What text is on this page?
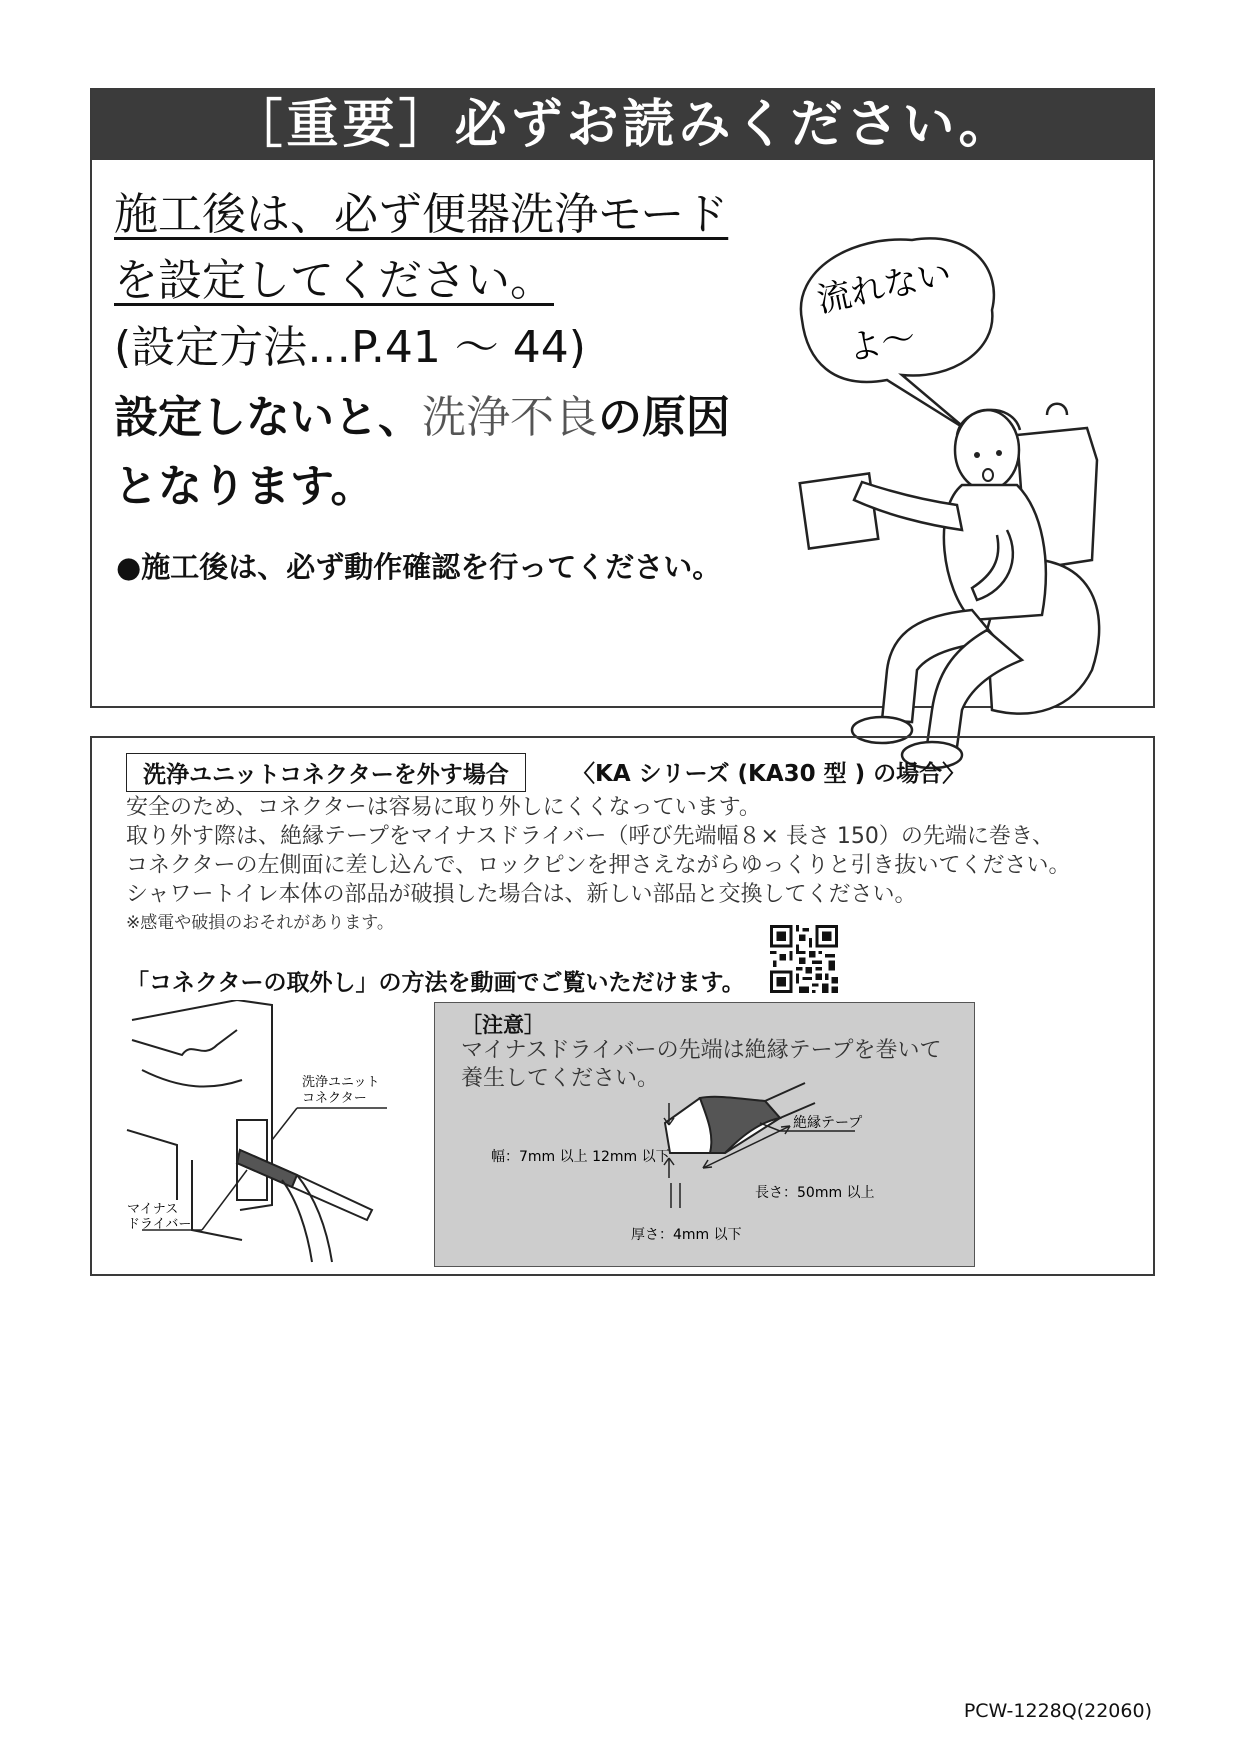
［重要］必ずお読みください。
施工後は、必ず便器洗浄モード
を設定してください。
(設定方法…P.41 ～ 44)
設定しないと、洗浄不良の原因
となります。
●施工後は、必ず動作確認を行ってください。
流れない
よ～
洗浄ユニットコネクターを外す場合	〈KA シリーズ (KA30 型 ) の場合〉
安全のため、コネクターは容易に取り外しにくくなっています。
取り外す際は、絶縁テープをマイナスドライバー（呼び先端幅８× 長さ 150）の先端に巻き、
コネクターの左側面に差し込んで、ロックピンを押さえながらゆっくりと引き抜いてください。
シャワートイレ本体の部品が破損した場合は、新しい部品と交換してください。
※感電や破損のおそれがあります。
「コネクターの取外し」の方法を動画でご覧いただけます。
洗浄ユニット
コネクター
マイナス
ドライバー
絶縁テープ
幅：7mm 以上 12mm 以下
長さ：50mm 以上
厚さ：4mm 以下
［注意］
マイナスドライバーの先端は絶縁テープを巻いて
養生してください。
PCW-1228Q(22060)
